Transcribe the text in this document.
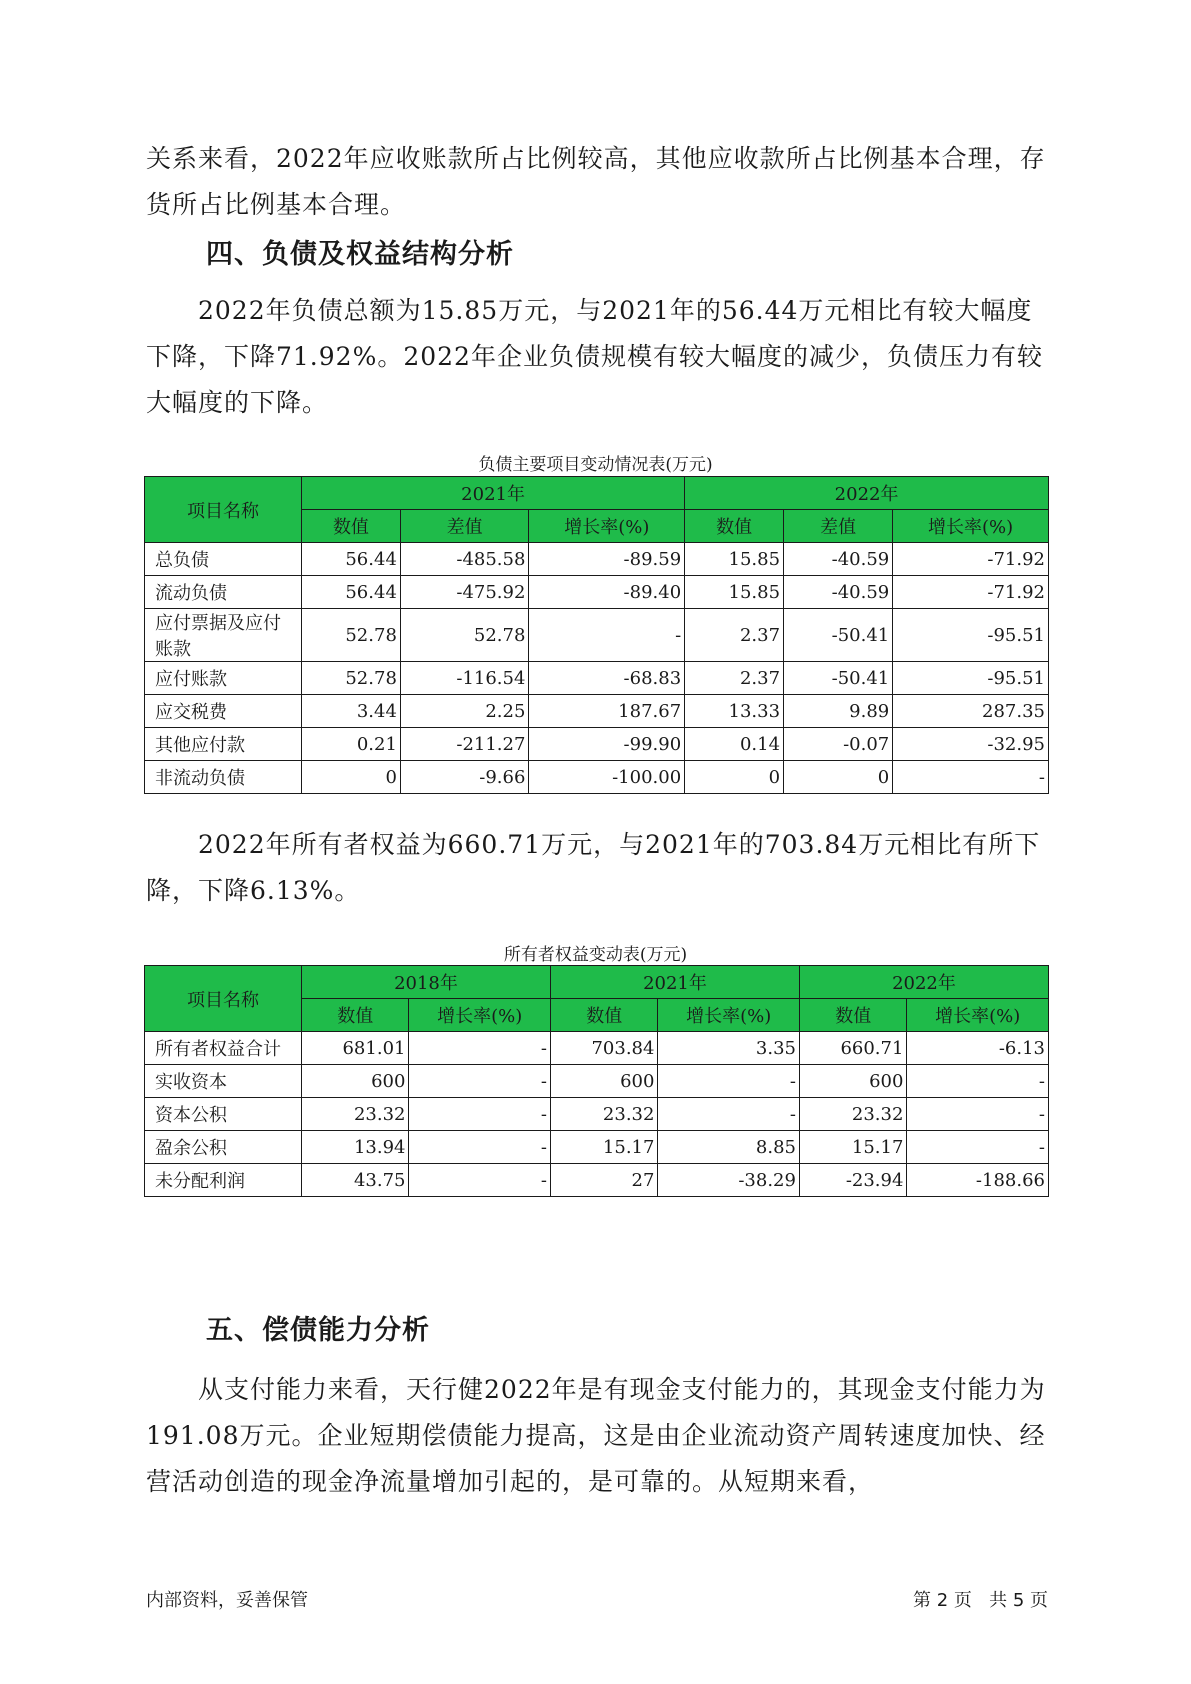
关系来看，2022年应收账款所占比例较高，其他应收款所占比例基本合理，存货所占比例基本合理。

四、负债及权益结构分析

2022年负债总额为15.85万元，与2021年的56.44万元相比有较大幅度下降，下降71.92%。2022年企业负债规模有较大幅度的减少，负债压力有较大幅度的下降。

负债主要项目变动情况表(万元)

项目名称	2021年			2022年		
	数值	差值	增长率(%)	数值	差值	增长率(%)
总负债	56.44	-485.58	-89.59	15.85	-40.59	-71.92
流动负债	56.44	-475.92	-89.40	15.85	-40.59	-71.92
应付票据及应付账款	52.78	52.78	-	2.37	-50.41	-95.51
应付账款	52.78	-116.54	-68.83	2.37	-50.41	-95.51
应交税费	3.44	2.25	187.67	13.33	9.89	287.35
其他应付款	0.21	-211.27	-99.90	0.14	-0.07	-32.95
非流动负债	0	-9.66	-100.00	0	0	-

2022年所有者权益为660.71万元，与2021年的703.84万元相比有所下降，下降6.13%。

所有者权益变动表(万元)

项目名称	2018年		2021年		2022年	
	数值	增长率(%)	数值	增长率(%)	数值	增长率(%)
所有者权益合计	681.01	-	703.84	3.35	660.71	-6.13
实收资本	600	-	600	-	600	-
资本公积	23.32	-	23.32	-	23.32	-
盈余公积	13.94	-	15.17	8.85	15.17	-
未分配利润	43.75	-	27	-38.29	-23.94	-188.66
五、偿债能力分析

从支付能力来看，天行健2022年是有现金支付能力的，其现金支付能力为191.08万元。企业短期偿债能力提高，这是由企业流动资产周转速度加快、经营活动创造的现金净流量增加引起的，是可靠的。从短期来看，

内部资料，妥善保管	第 2 页   共 5 页
